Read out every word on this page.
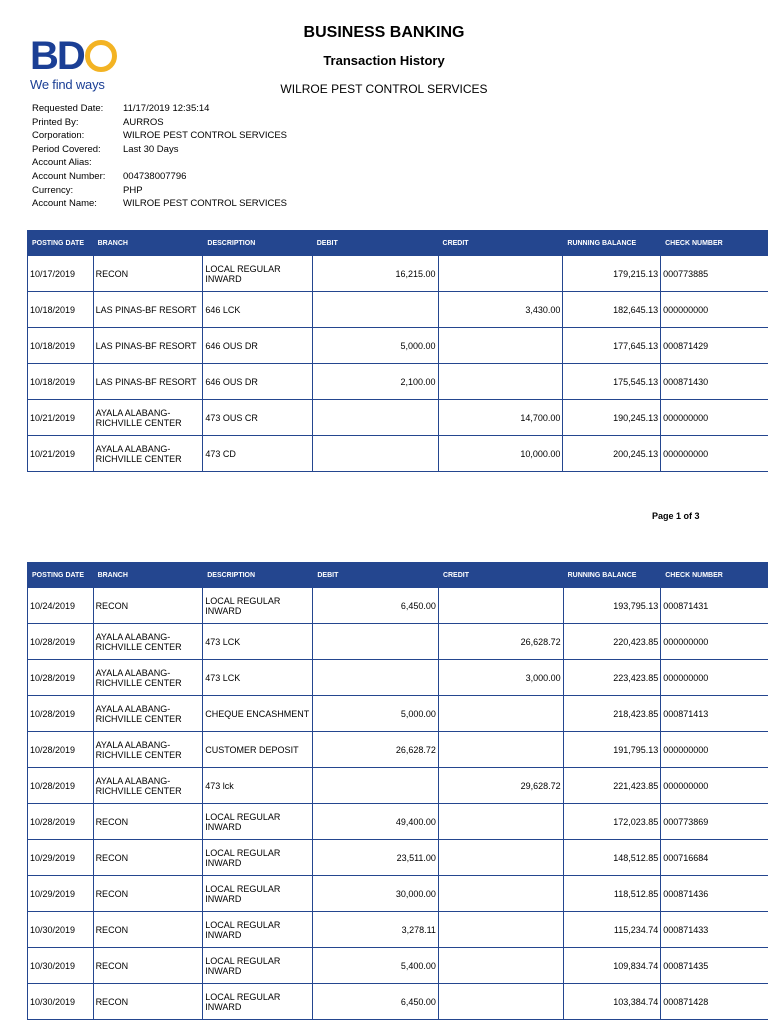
BD
We find ways
BUSINESS BANKING
Transaction History
WILROE PEST CONTROL SERVICES
Requested Date:	11/17/2019 12:35:14
Printed By:	AURROS
Corporation:	WILROE PEST CONTROL SERVICES
Period Covered:	Last 30 Days
Account Alias:
Account Number:	004738007796
Currency:	PHP
Account Name:	WILROE PEST CONTROL SERVICES
POSTING DATE	BRANCH	DESCRIPTION	DEBIT	CREDIT	RUNNING BALANCE	CHECK NUMBER
10/17/2019	RECON	LOCAL REGULAR INWARD	16,215.00		179,215.13	000773885
10/18/2019	LAS PINAS-BF RESORT	646 LCK		3,430.00	182,645.13	000000000
10/18/2019	LAS PINAS-BF RESORT	646 OUS DR	5,000.00		177,645.13	000871429
10/18/2019	LAS PINAS-BF RESORT	646 OUS DR	2,100.00		175,545.13	000871430
10/21/2019	AYALA ALABANG-RICHVILLE CENTER	473 OUS CR		14,700.00	190,245.13	000000000
10/21/2019	AYALA ALABANG-RICHVILLE CENTER	473 CD		10,000.00	200,245.13	000000000
Page 1 of 3
POSTING DATE	BRANCH	DESCRIPTION	DEBIT	CREDIT	RUNNING BALANCE	CHECK NUMBER
10/24/2019	RECON	LOCAL REGULAR INWARD	6,450.00		193,795.13	000871431
10/28/2019	AYALA ALABANG-RICHVILLE CENTER	473 LCK		26,628.72	220,423.85	000000000
10/28/2019	AYALA ALABANG-RICHVILLE CENTER	473 LCK		3,000.00	223,423.85	000000000
10/28/2019	AYALA ALABANG-RICHVILLE CENTER	CHEQUE ENCASHMENT	5,000.00		218,423.85	000871413
10/28/2019	AYALA ALABANG-RICHVILLE CENTER	CUSTOMER DEPOSIT	26,628.72		191,795.13	000000000
10/28/2019	AYALA ALABANG-RICHVILLE CENTER	473 lck		29,628.72	221,423.85	000000000
10/28/2019	RECON	LOCAL REGULAR INWARD	49,400.00		172,023.85	000773869
10/29/2019	RECON	LOCAL REGULAR INWARD	23,511.00		148,512.85	000716684
10/29/2019	RECON	LOCAL REGULAR INWARD	30,000.00		118,512.85	000871436
10/30/2019	RECON	LOCAL REGULAR INWARD	3,278.11		115,234.74	000871433
10/30/2019	RECON	LOCAL REGULAR INWARD	5,400.00		109,834.74	000871435
10/30/2019	RECON	LOCAL REGULAR INWARD	6,450.00		103,384.74	000871428
